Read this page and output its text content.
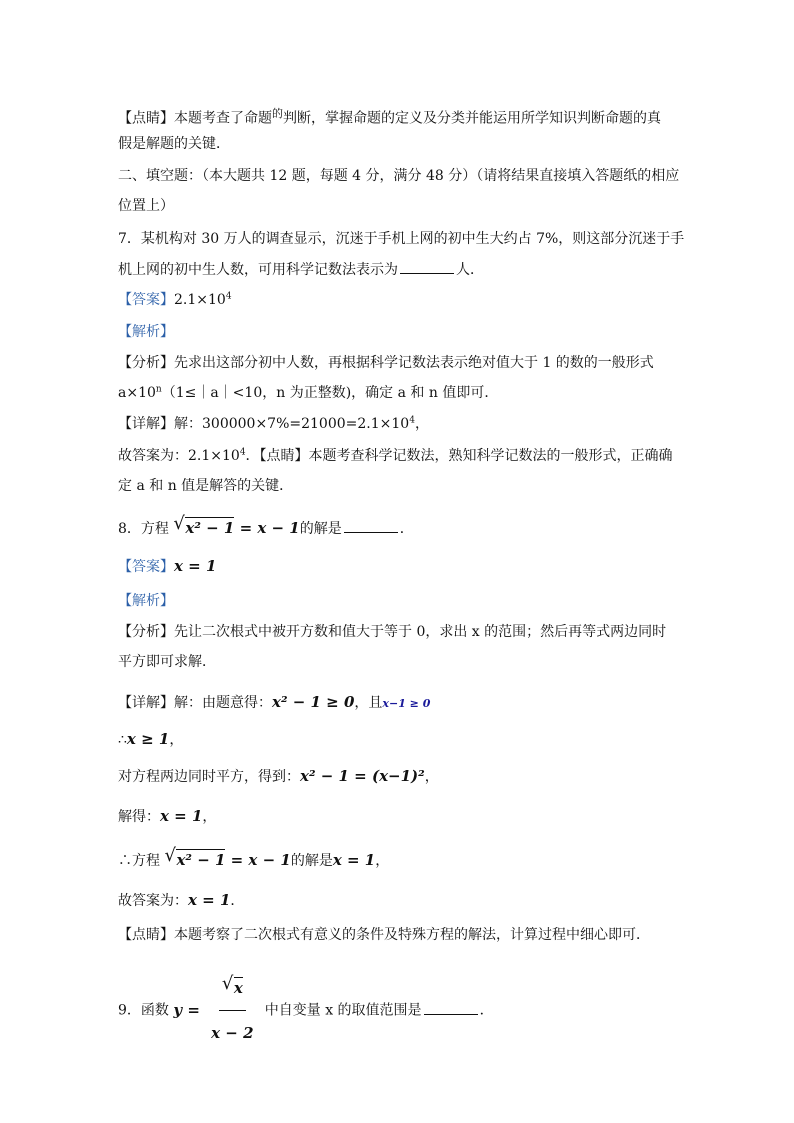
【点睛】本题考查了命题$^的$判断，掌握命题的定义及分类并能运用所学知识判断命题的真
假是解题的关键．
二、填空题：（本大题共 12 题，每题 4 分，满分 48 分）（请将结果直接填入答题纸的相应
位置上）
7．某机构对 30 万人的调查显示，沉迷于手机上网的初中生大约占 7%，则这部分沉迷于手
机上网的初中生人数，可用科学记数法表示为	人．
【答案】$2.1\times 10^4$
【解析】
【分析】先求出这部分初中人数，再根据科学记数法表示绝对值大于 1 的数的一般形式
$a\times 10^n(1\le|a|<10$，n 为正整数)，确定 a 和 n 值即可．
【详解】解：$300000\times 7\%=21000=2.1\times 10^4$，
故答案为：$2.1\times 10^4$．【点睛】本题考查科学记数法，熟知科学记数法的一般形式，正确确
定 a 和 n 值是解答的关键．
8．方程 √ x² − 1 = x − 1的解是	．
【答案】x = 1
【解析】
【分析】先让二次根式中被开方数和值大于等于 0，求出 x 的范围；然后再等式两边同时
平方即可求解．
【详解】解：由题意得：x² − 1 ≥ 0，且x−1 ≥ 0
∴x ≥ 1，
对方程两边同时平方，得到：x² − 1 = (x−1)²，
解得：x = 1，
∴方程 √ x² − 1 = x − 1的解是x = 1，
故答案为：x = 1．
【点睛】本题考察了二次根式有意义的条件及特殊方程的解法，计算过程中细心即可．
9．函数 y = √ $\frac{x}{x - 2}$ 中自变量 x 的取值范围是	．
